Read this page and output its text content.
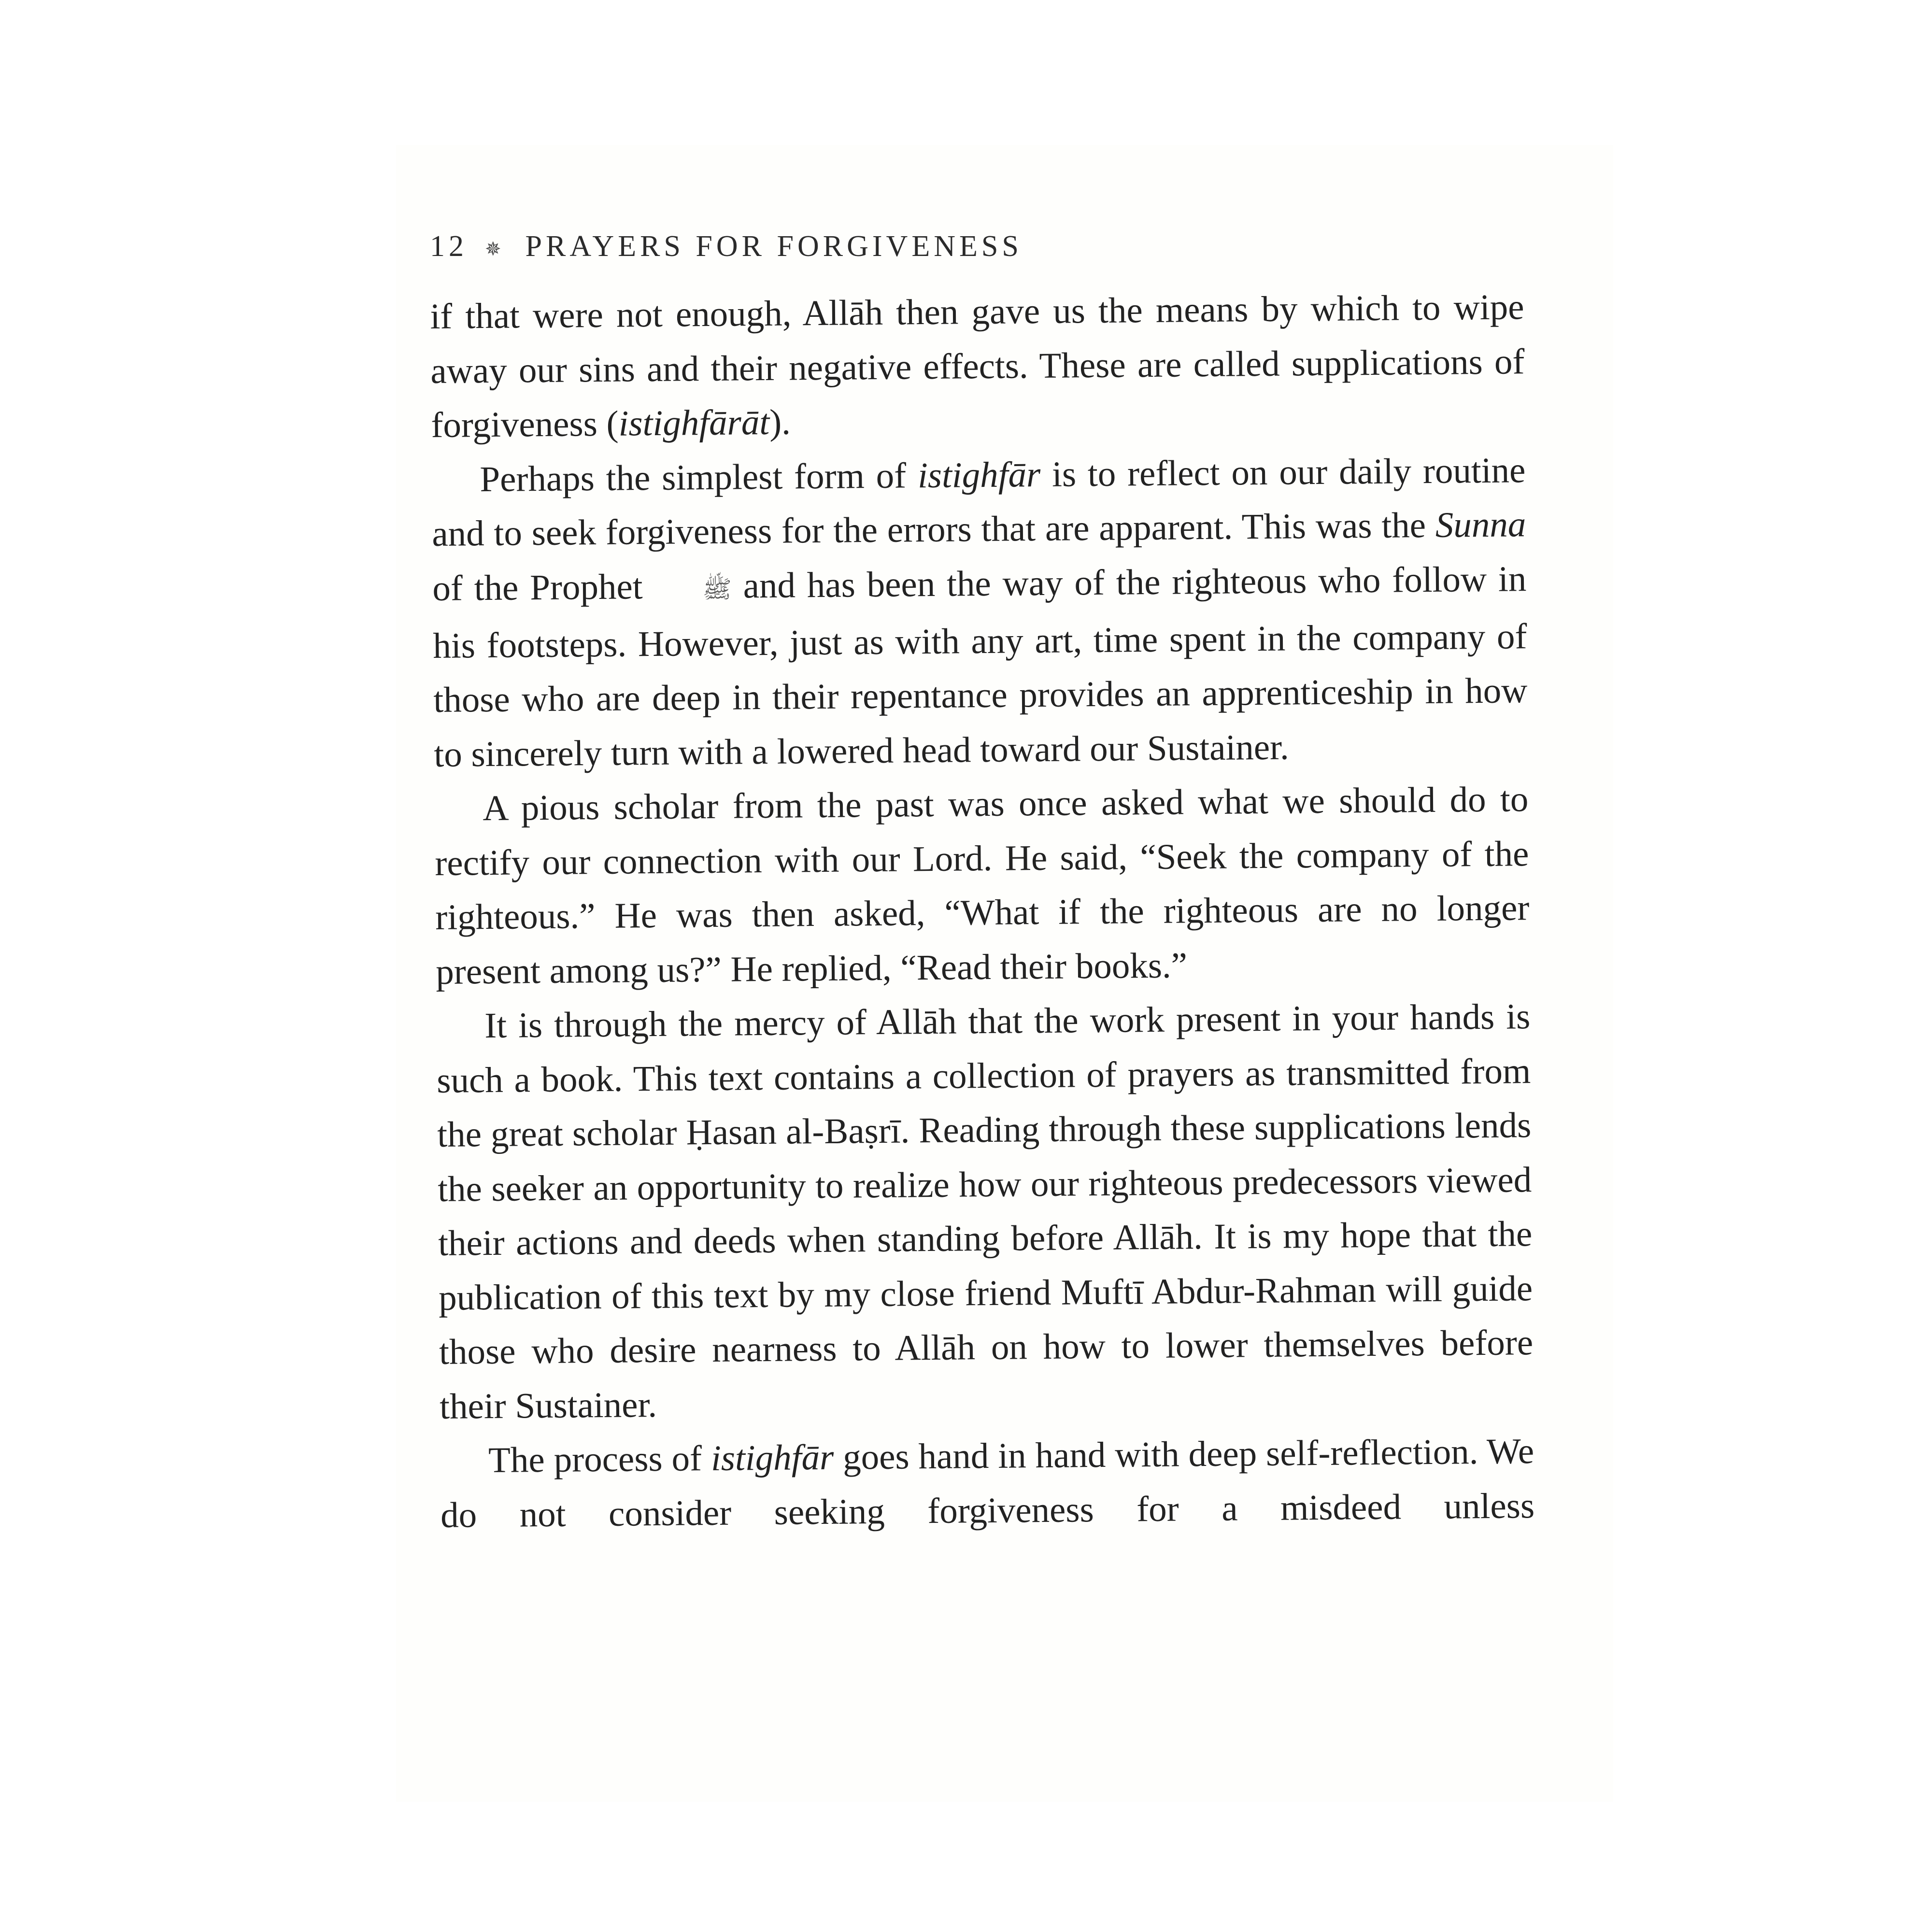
12 ✵ PRAYERS FOR FORGIVENESS

if that were not enough, Allāh then gave us the means by which to wipe away our sins and their negative effects. These are called supplications of forgiveness (istighfārāt).

Perhaps the simplest form of istighfār is to reflect on our daily routine and to seek forgiveness for the errors that are apparent. This was the Sunna of the Prophet ﷺ and has been the way of the righteous who follow in his footsteps. However, just as with any art, time spent in the company of those who are deep in their repentance provides an apprenticeship in how to sincerely turn with a lowered head toward our Sustainer.

A pious scholar from the past was once asked what we should do to rectify our connection with our Lord. He said, “Seek the company of the righteous.” He was then asked, “What if the righteous are no longer present among us?” He replied, “Read their books.”

It is through the mercy of Allāh that the work present in your hands is such a book. This text contains a collection of prayers as transmitted from the great scholar Ḥasan al-Baṣrī. Reading through these supplications lends the seeker an opportunity to realize how our righteous predecessors viewed their actions and deeds when standing before Allāh. It is my hope that the publication of this text by my close friend Muftī Abdur-Rahman will guide those who desire nearness to Allāh on how to lower themselves before their Sustainer.

The process of istighfār goes hand in hand with deep self-reflection. We do not consider seeking forgiveness for a misdeed unless
